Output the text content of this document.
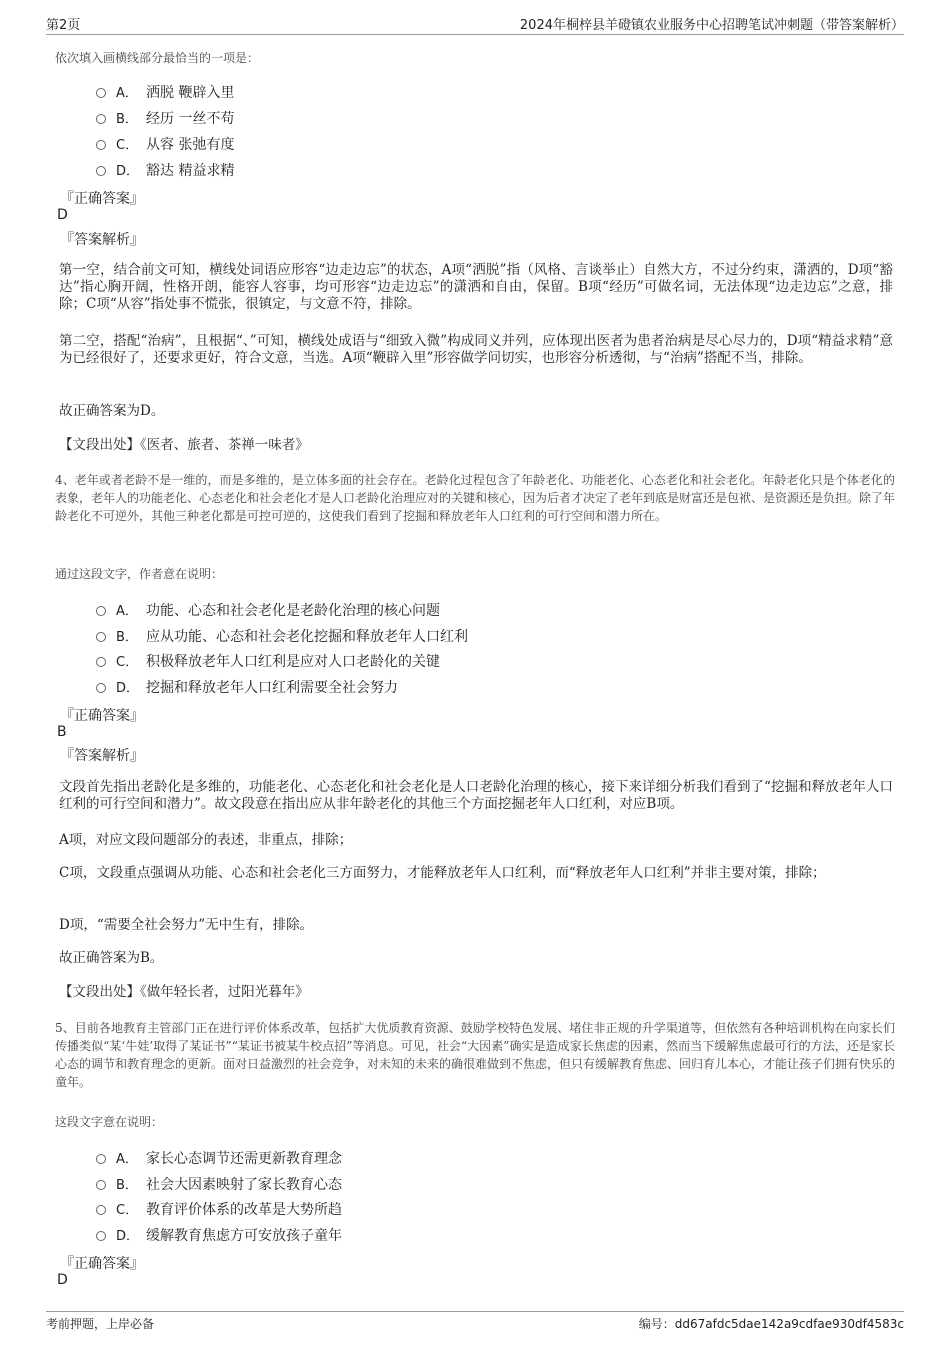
第2页	2024年桐梓县羊磴镇农业服务中心招聘笔试冲刺题（带答案解析）
依次填入画横线部分最恰当的一项是：
A． 洒脱 鞭辟入里
B． 经历 一丝不苟
C． 从容 张弛有度
D． 豁达 精益求精
『正确答案』
D
『答案解析』
第一空，结合前文可知，横线处词语应形容“边走边忘”的状态，A项“洒脱”指（风格、言谈举止）自然大方，不过分约束，潇洒的，D项“豁达”指心胸开阔，性格开朗，能容人容事，均可形容“边走边忘”的潇洒和自由，保留。B项“经历”可做名词，无法体现“边走边忘”之意，排除；C项“从容”指处事不慌张，很镇定，与文意不符，排除。
第二空，搭配“治病”，且根据“、”可知，横线处成语与“细致入微”构成同义并列，应体现出医者为患者治病是尽心尽力的，D项“精益求精”意为已经很好了，还要求更好，符合文意，当选。A项“鞭辟入里”形容做学问切实，也形容分析透彻，与“治病”搭配不当，排除。
故正确答案为D。
【文段出处】《医者、旅者、茶禅一味者》
4、老年或者老龄不是一维的，而是多维的，是立体多面的社会存在。老龄化过程包含了年龄老化、功能老化、心态老化和社会老化。年龄老化只是个体老化的表象，老年人的功能老化、心态老化和社会老化才是人口老龄化治理应对的关键和核心，因为后者才决定了老年到底是财富还是包袱、是资源还是负担。除了年龄老化不可逆外，其他三种老化都是可控可逆的，这使我们看到了挖掘和释放老年人口红利的可行空间和潜力所在。
通过这段文字，作者意在说明：
A． 功能、心态和社会老化是老龄化治理的核心问题
B． 应从功能、心态和社会老化挖掘和释放老年人口红利
C． 积极释放老年人口红利是应对人口老龄化的关键
D． 挖掘和释放老年人口红利需要全社会努力
『正确答案』
B
『答案解析』
文段首先指出老龄化是多维的，功能老化、心态老化和社会老化是人口老龄化治理的核心，接下来详细分析我们看到了“挖掘和释放老年人口红利的可行空间和潜力”。故文段意在指出应从非年龄老化的其他三个方面挖掘老年人口红利，对应B项。
A项，对应文段问题部分的表述，非重点，排除；
C项，文段重点强调从功能、心态和社会老化三方面努力，才能释放老年人口红利，而“释放老年人口红利”并非主要对策，排除；
D项，“需要全社会努力”无中生有，排除。
故正确答案为B。
【文段出处】《做年轻长者，过阳光暮年》
5、目前各地教育主管部门正在进行评价体系改革，包括扩大优质教育资源、鼓励学校特色发展、堵住非正规的升学渠道等，但依然有各种培训机构在向家长们传播类似“某‘牛娃’取得了某证书”“某证书被某牛校点招”等消息。可见，社会“大因素”确实是造成家长焦虑的因素，然而当下缓解焦虑最可行的方法，还是家长心态的调节和教育理念的更新。面对日益激烈的社会竞争，对未知的未来的确很难做到不焦虑，但只有缓解教育焦虑、回归育儿本心，才能让孩子们拥有快乐的童年。
这段文字意在说明：
A． 家长心态调节还需更新教育理念
B． 社会大因素映射了家长教育心态
C． 教育评价体系的改革是大势所趋
D． 缓解教育焦虑方可安放孩子童年
『正确答案』
D
考前押题，上岸必备	编号：dd67afdc5dae142a9cdfae930df4583c
